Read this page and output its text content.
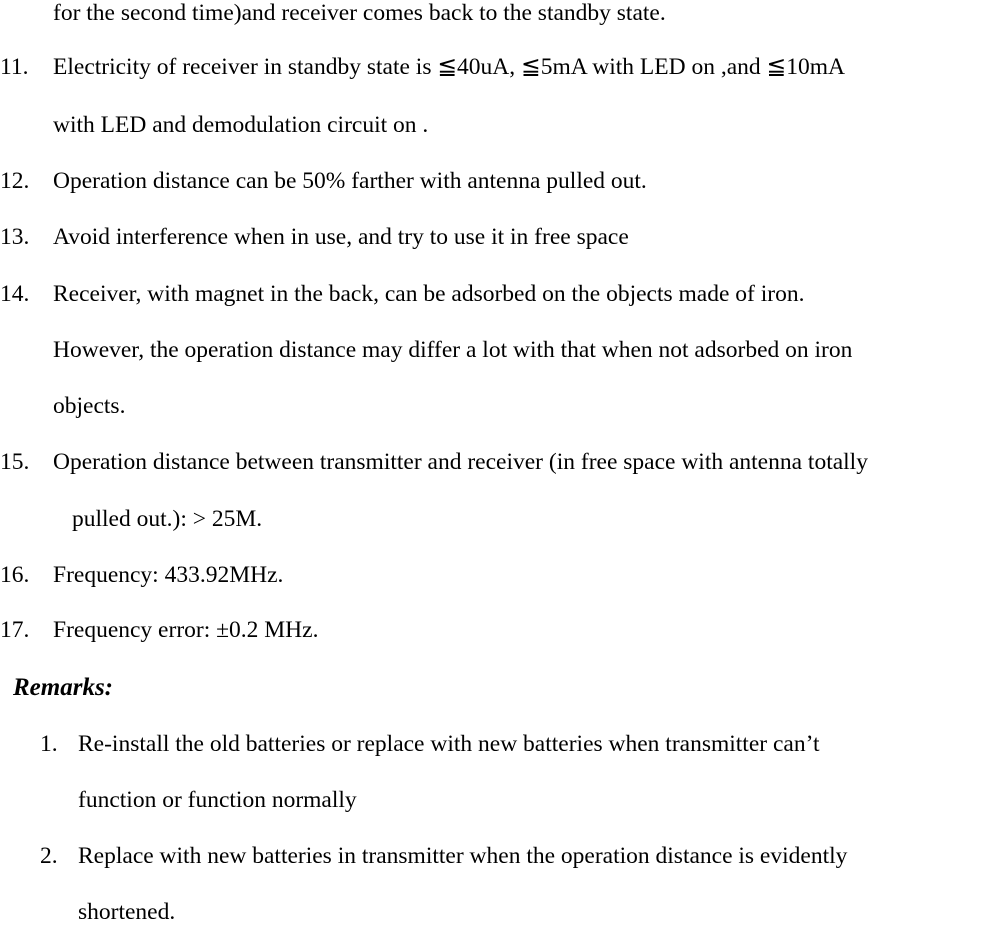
for the second time)and receiver comes back to the standby state.
11. Electricity of receiver in standby state is ≦40uA, ≦5mA with LED on ,and ≦10mA
with LED and demodulation circuit on .
12. Operation distance can be 50% farther with antenna pulled out.
13. Avoid interference when in use, and try to use it in free space
14. Receiver, with magnet in the back, can be adsorbed on the objects made of iron.
However, the operation distance may differ a lot with that when not adsorbed on iron
objects.
15. Operation distance between transmitter and receiver (in free space with antenna totally
pulled out.): > 25M.
16. Frequency: 433.92MHz.
17. Frequency error: ±0.2 MHz.
Remarks:
1. Re-install the old batteries or replace with new batteries when transmitter can’t
function or function normally
2. Replace with new batteries in transmitter when the operation distance is evidently
shortened.
